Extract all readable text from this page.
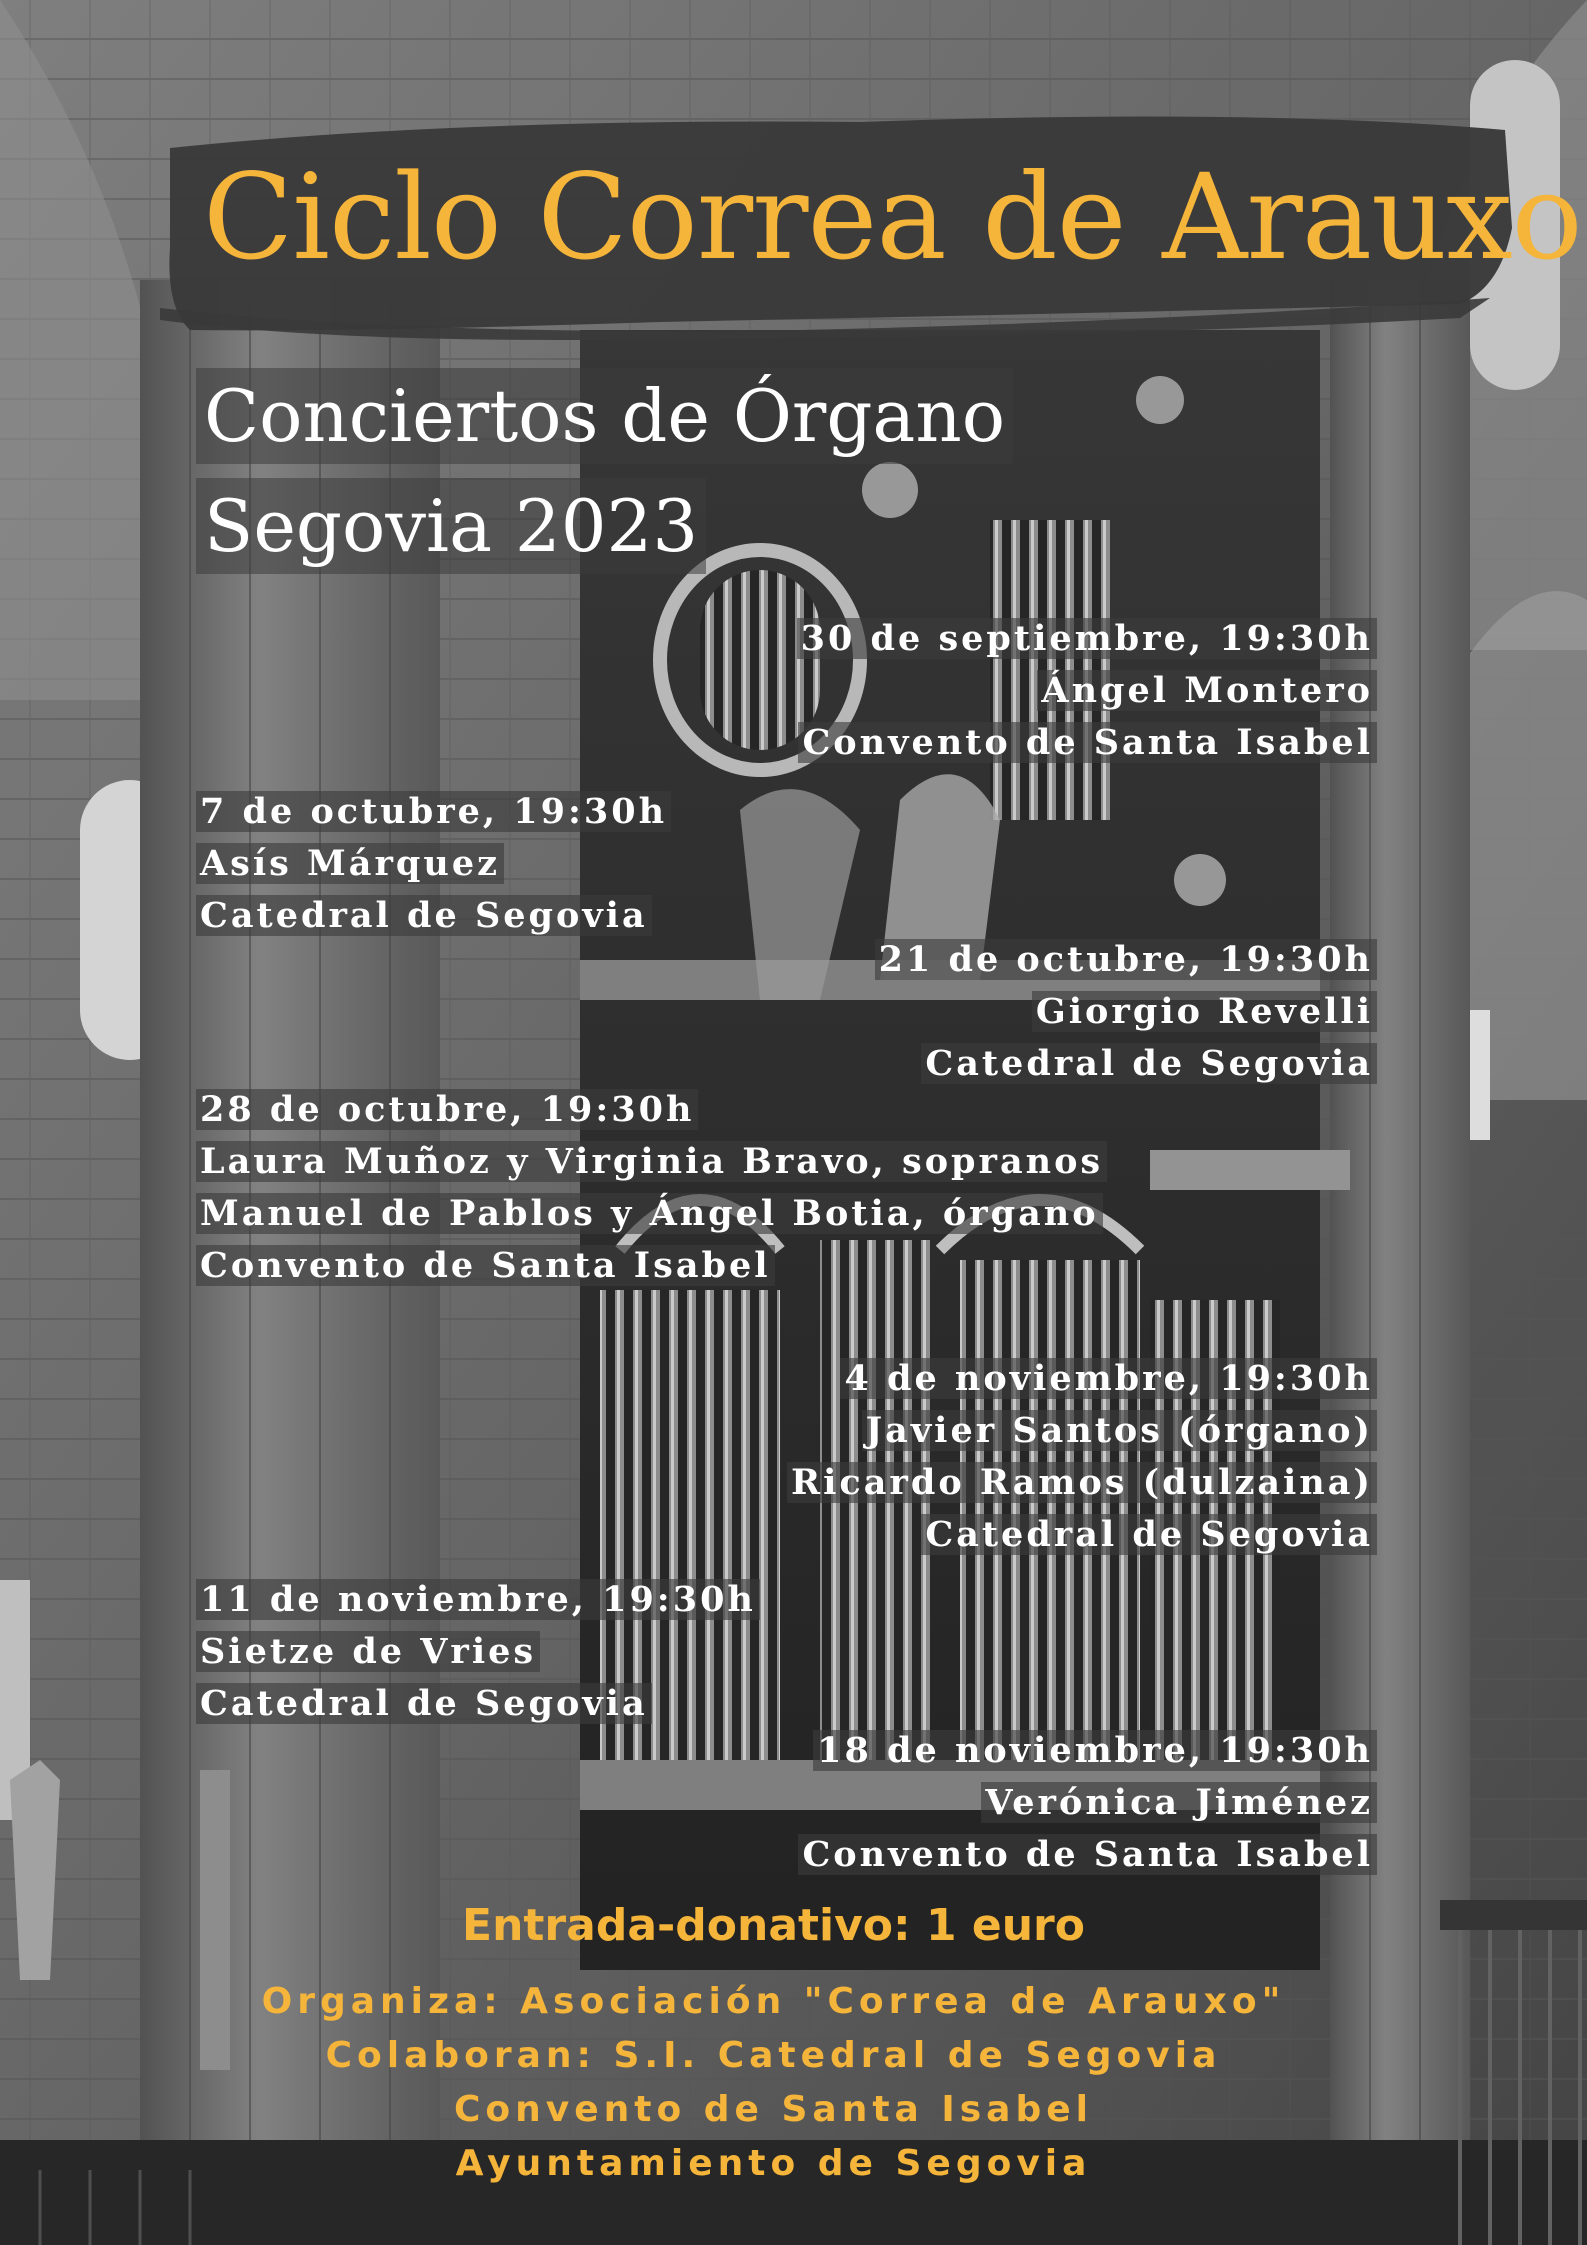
Ciclo Correa de Arauxo
Conciertos de Órgano
Segovia 2023
30 de septiembre, 19:30h
Ángel Montero
Convento de Santa Isabel
7 de octubre, 19:30h
Asís Márquez
Catedral de Segovia
21 de octubre, 19:30h
Giorgio Revelli
Catedral de Segovia
28 de octubre, 19:30h
Laura Muñoz y Virginia Bravo, sopranos
Manuel de Pablos y Ángel Botia, órgano
Convento de Santa Isabel
4 de noviembre, 19:30h
Javier Santos (órgano)
Ricardo Ramos (dulzaina)
Catedral de Segovia
11 de noviembre, 19:30h
Sietze de Vries
Catedral de Segovia
18 de noviembre, 19:30h
Verónica Jiménez
Convento de Santa Isabel
Entrada-donativo: 1 euro
Organiza: Asociación "Correa de Arauxo"
Colaboran: S.I. Catedral de Segovia
Convento de Santa Isabel
Ayuntamiento de Segovia
